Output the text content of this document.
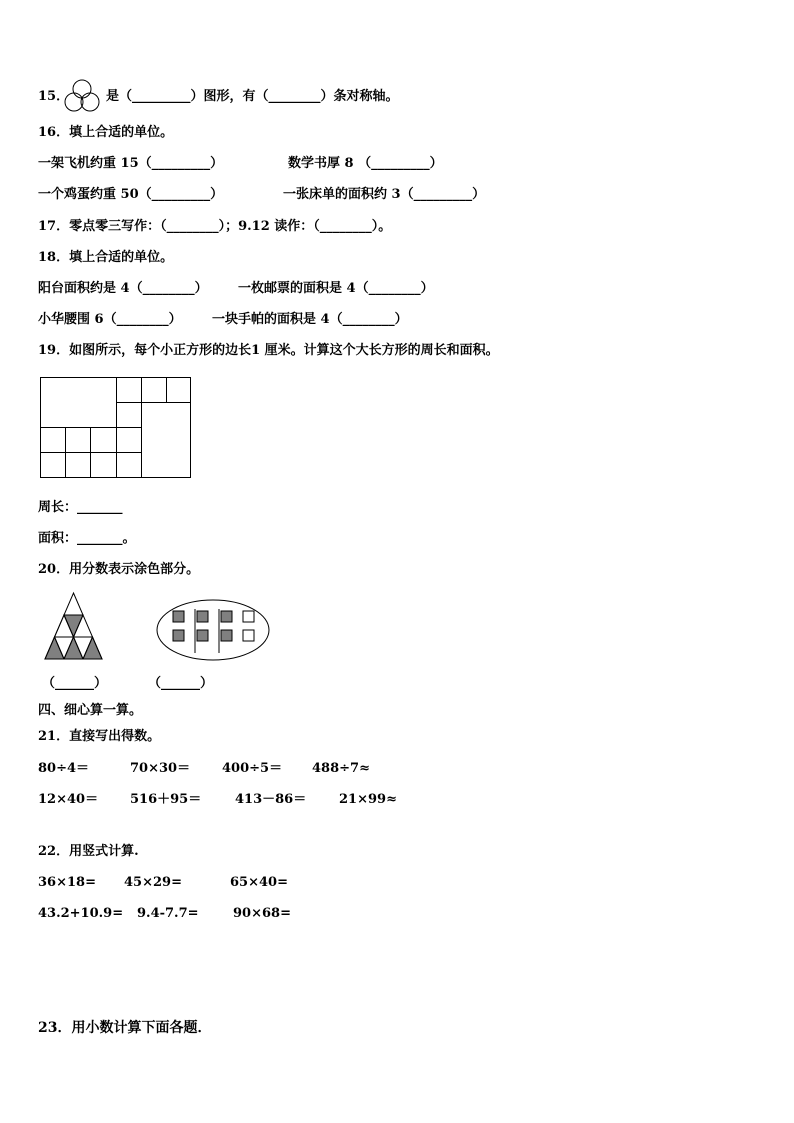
15．	是（_________）图形，有（________）条对称轴。
16．填上合适的单位。
一架飞机约重 15（_________）	数学书厚 8 （_________）
一个鸡蛋约重 50（_________）	一张床单的面积约 3（_________）
17．零点零三写作：（________）；9.12 读作：（________）。
18．填上合适的单位。
阳台面积约是 4（________） 一枚邮票的面积是 4（________）
小华腰围 6（________） 一块手帕的面积是 4（________）
19．如图所示，每个小正方形的边长1 厘米。计算这个大长方形的周长和面积。
周长：_______
面积：_______。
20．用分数表示涂色部分。
（______）	（______）
四、细心算一算。
21．直接写出得数。
80÷4＝	70×30＝ 400÷5＝ 488÷7≈
12×40＝ 516＋95＝	413－86＝	21×99≈
22．用竖式计算.
36×18= 45×29=	65×40=
43.2+10.9= 9.4-7.7=	90×68=
23．用小数计算下面各题．
